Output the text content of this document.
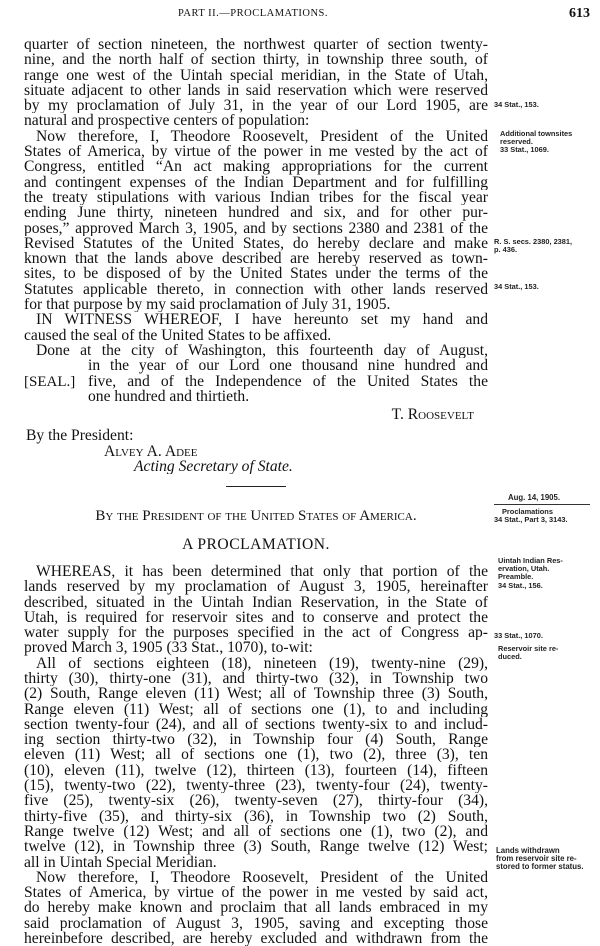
PART II.—PROCLAMATIONS.	613
quarter of section nineteen, the northwest quarter of section twenty-
nine, and the north half of section thirty, in township three south, of
range one west of the Uintah special meridian, in the State of Utah,
situate adjacent to other lands in said reservation which were reserved
by my proclamation of July 31, in the year of our Lord 1905, are
natural and prospective centers of population:
Now therefore, I, Theodore Roosevelt, President of the United
States of America, by virtue of the power in me vested by the act of
Congress, entitled “An act making appropriations for the current
and contingent expenses of the Indian Department and for fulfilling
the treaty stipulations with various Indian tribes for the fiscal year
ending June thirty, nineteen hundred and six, and for other pur-
poses,” approved March 3, 1905, and by sections 2380 and 2381 of the
Revised Statutes of the United States, do hereby declare and make
known that the lands above described are hereby reserved as town-
sites, to be disposed of by the United States under the terms of the
Statutes applicable thereto, in connection with other lands reserved
for that purpose by my said proclamation of July 31, 1905.
IN WITNESS WHEREOF, I have hereunto set my hand and
caused the seal of the United States to be affixed.
Done at the city of Washington, this fourteenth day of August,
in the year of our Lord one thousand nine hundred and
five, and of the Independence of the United States the
one hundred and thirtieth.
[SEAL.]
T. Roosevelt
By the President:
Alvey A. Adee
Acting Secretary of State.
By the President of the United States of America.
A PROCLAMATION.
WHEREAS, it has been determined that only that portion of the
lands reserved by my proclamation of August 3, 1905, hereinafter
described, situated in the Uintah Indian Reservation, in the State of
Utah, is required for reservoir sites and to conserve and protect the
water supply for the purposes specified in the act of Congress ap-
proved March 3, 1905 (33 Stat., 1070), to-wit:
All of sections eighteen (18), nineteen (19), twenty-nine (29),
thirty (30), thirty-one (31), and thirty-two (32), in Township two
(2) South, Range eleven (11) West; all of Township three (3) South,
Range eleven (11) West; all of sections one (1), to and including
section twenty-four (24), and all of sections twenty-six to and includ-
ing section thirty-two (32), in Township four (4) South, Range
eleven (11) West; all of sections one (1), two (2), three (3), ten
(10), eleven (11), twelve (12), thirteen (13), fourteen (14), fifteen
(15), twenty-two (22), twenty-three (23), twenty-four (24), twenty-
five (25), twenty-six (26), twenty-seven (27), thirty-four (34),
thirty-five (35), and thirty-six (36), in Township two (2) South,
Range twelve (12) West; and all of sections one (1), two (2), and
twelve (12), in Township three (3) South, Range twelve (12) West;
all in Uintah Special Meridian.
Now therefore, I, Theodore Roosevelt, President of the United
States of America, by virtue of the power in me vested by said act,
do hereby make known and proclaim that all lands embraced in my
said proclamation of August 3, 1905, saving and excepting those
hereinbefore described, are hereby excluded and withdrawn from the
34 Stat., 153.
Additional townsites
reserved.
33 Stat., 1069.
R. S. secs. 2380, 2381,
p. 436.
34 Stat., 153.
Aug. 14, 1905.
Proclamations
34 Stat., Part 3, 3143.
Uintah Indian Res-
ervation, Utah.
Preamble.
34 Stat., 156.
33 Stat., 1070.
Reservoir site re-
duced.
Lands withdrawn
from reservoir site re-
stored to former status.
